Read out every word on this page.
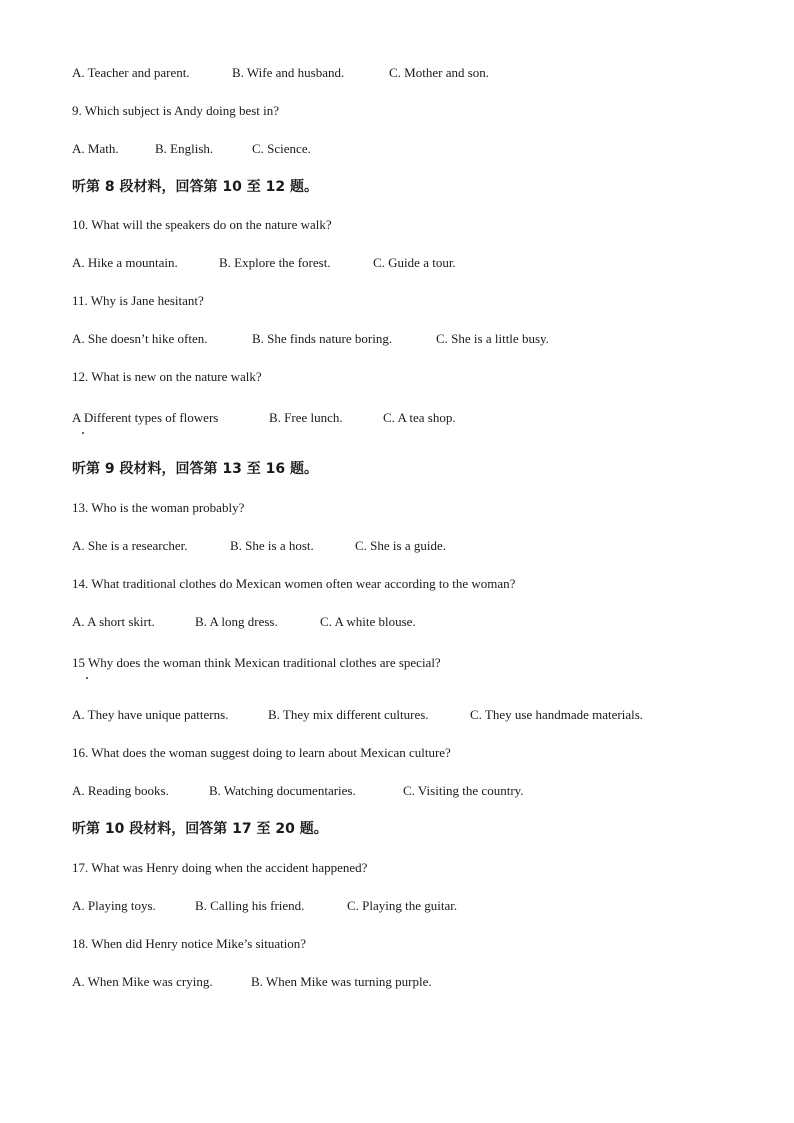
A. Teacher and parent.	B. Wife and husband.	C. Mother and son.
9. Which subject is Andy doing best in?
A. Math.	B. English.	C. Science.
听第 8 段材料，回答第 10 至 12 题。
10. What will the speakers do on the nature walk?
A. Hike a mountain.	B. Explore the forest.	C. Guide a tour.
11. Why is Jane hesitant?
A. She doesn’t hike often.	B. She finds nature boring.	C. She is a little busy.
12. What is new on the nature walk?
A Different types of flowers	B. Free lunch.	C. A tea shop.
听第 9 段材料，回答第 13 至 16 题。
13. Who is the woman probably?
A. She is a researcher.	B. She is a host.	C. She is a guide.
14. What traditional clothes do Mexican women often wear according to the woman?
A. A short skirt.	B. A long dress.	C. A white blouse.
15 Why does the woman think Mexican traditional clothes are special?
A. They have unique patterns.	B. They mix different cultures.	C. They use handmade materials.
16. What does the woman suggest doing to learn about Mexican culture?
A. Reading books.	B. Watching documentaries.	C. Visiting the country.
听第 10 段材料，回答第 17 至 20 题。
17. What was Henry doing when the accident happened?
A. Playing toys.	B. Calling his friend.	C. Playing the guitar.
18. When did Henry notice Mike’s situation?
A. When Mike was crying.	B. When Mike was turning purple.
